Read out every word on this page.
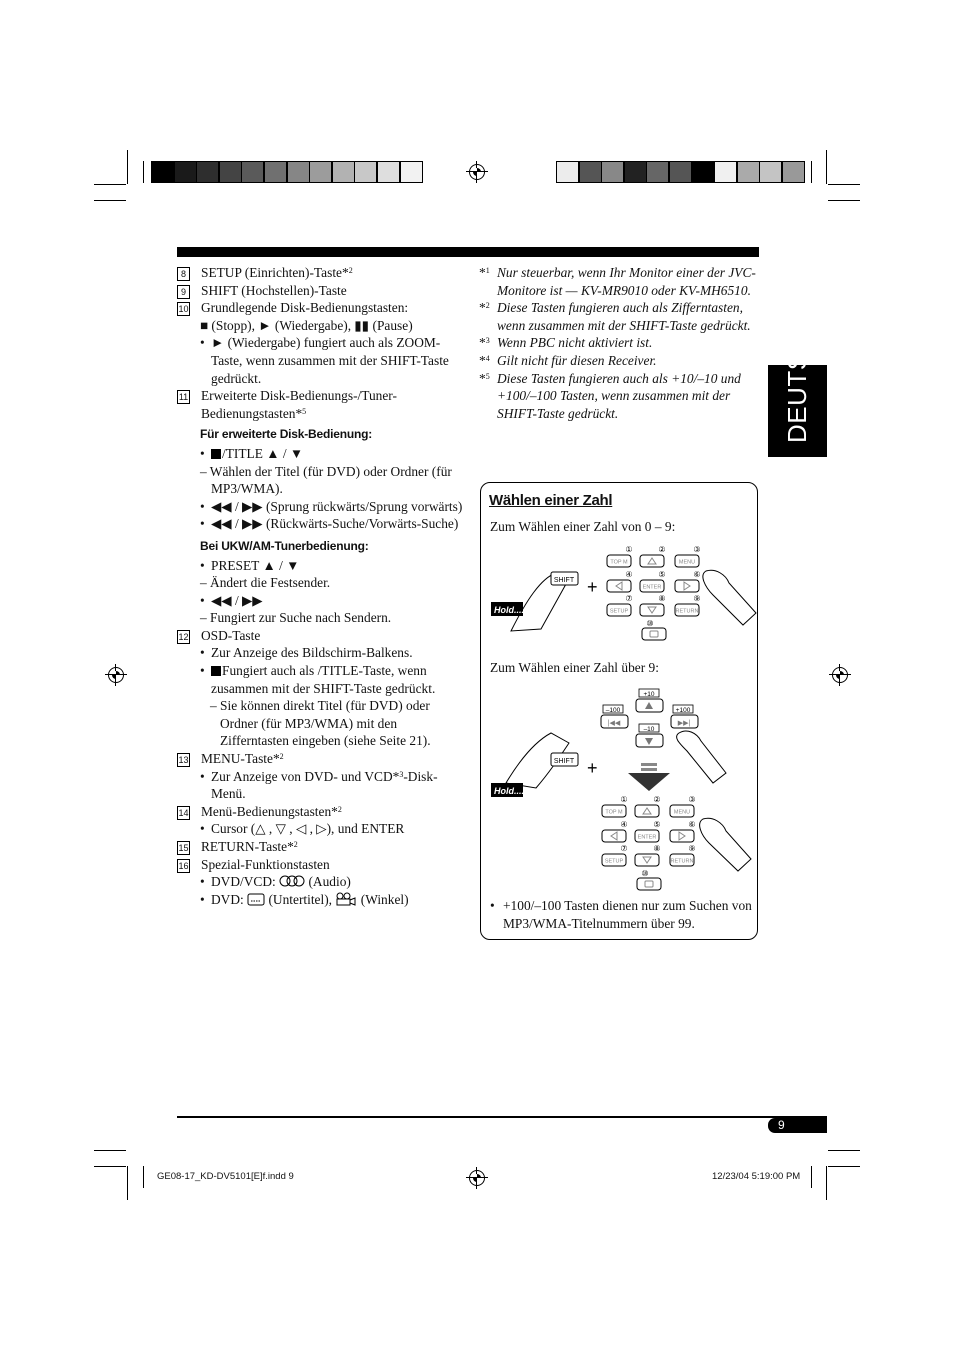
8 SETUP (Einrichten)-Taste*$^2$
9 SHIFT (Hochstellen)-Taste
10 Grundlegende Disk-Bedienungstasten:
■ (Stopp), ► (Wiedergabe), ▮▮ (Pause)
• ► (Wiedergabe) fungiert auch als ZOOM-Taste, wenn zusammen mit der SHIFT-Taste gedrückt.
11 Erweiterte Disk-Bedienungs-/Tuner-Bedienungstasten*$^5$
Für erweiterte Disk-Bedienung:
•	/TITLE ▲ / ▼
– Wählen der Titel (für DVD) oder Ordner (für MP3/WMA).
• ◀◀ / ▶▶ (Sprung rückwärts/Sprung vorwärts)
• ◀◀ / ▶▶ (Rückwärts-Suche/Vorwärts-Suche)
Bei UKW/AM-Tunerbedienung:
• PRESET ▲ / ▼
– Ändert die Festsender.
• ◀◀ / ▶▶
– Fungiert zur Suche nach Sendern.
12 OSD-Taste
• Zur Anzeige des Bildschirm-Balkens.
•	Fungiert auch als /TITLE-Taste, wenn zusammen mit der SHIFT-Taste gedrückt.
– Sie können direkt Titel (für DVD) oder Ordner (für MP3/WMA) mit den Zifferntasten eingeben (siehe Seite 21).
13 MENU-Taste*$^2$
• Zur Anzeige von DVD- und VCD*$^3$-Disk-Menü.
14 Menü-Bedienungstasten*$^2$
• Cursor (△ , ▽ , ◁ , ▷), und ENTER
15 RETURN-Taste*$^2$
16 Spezial-Funktionstasten
• DVD/VCD: (Audio)
• DVD: (Untertitel), (Winkel)
*$^1$ Nur steuerbar, wenn Ihr Monitor einer der JVC-Monitore ist — KV-MR9010 oder KV-MH6510.
*$^2$ Diese Tasten fungieren auch als Zifferntasten, wenn zusammen mit der SHIFT-Taste gedrückt.
*$^3$ Wenn PBC nicht aktiviert ist.
*$^4$ Gilt nicht für diesen Receiver.
*$^5$ Diese Tasten fungieren auch als +10/–10 und +100/–100 Tasten, wenn zusammen mit der SHIFT-Taste gedrückt.	DEUTSCH
Wählen einer Zahl
Zum Wählen einer Zahl von 0 – 9:
Zum Wählen einer Zahl über 9:
SHIFT
Hold....
+
①
TOP M
②	③
MENU
④	⑤
ENTER
⑥
⑦
SETUP
⑧	⑨
RETURN
⑩
SHIFT
Hold....
+
+10
–10
–100
|◀◀
+100
▶▶|
①
TOP M
②	③
MENU
④	⑤
ENTER
⑥
⑦
SETUP
⑧	⑨
RETURN
⑩
• +100/–100 Tasten dienen nur zum Suchen von MP3/WMA-Titelnummern über 99.
9
GE08-17_KD-DV5101[E]f.indd 9	12/23/04 5:19:00 PM
